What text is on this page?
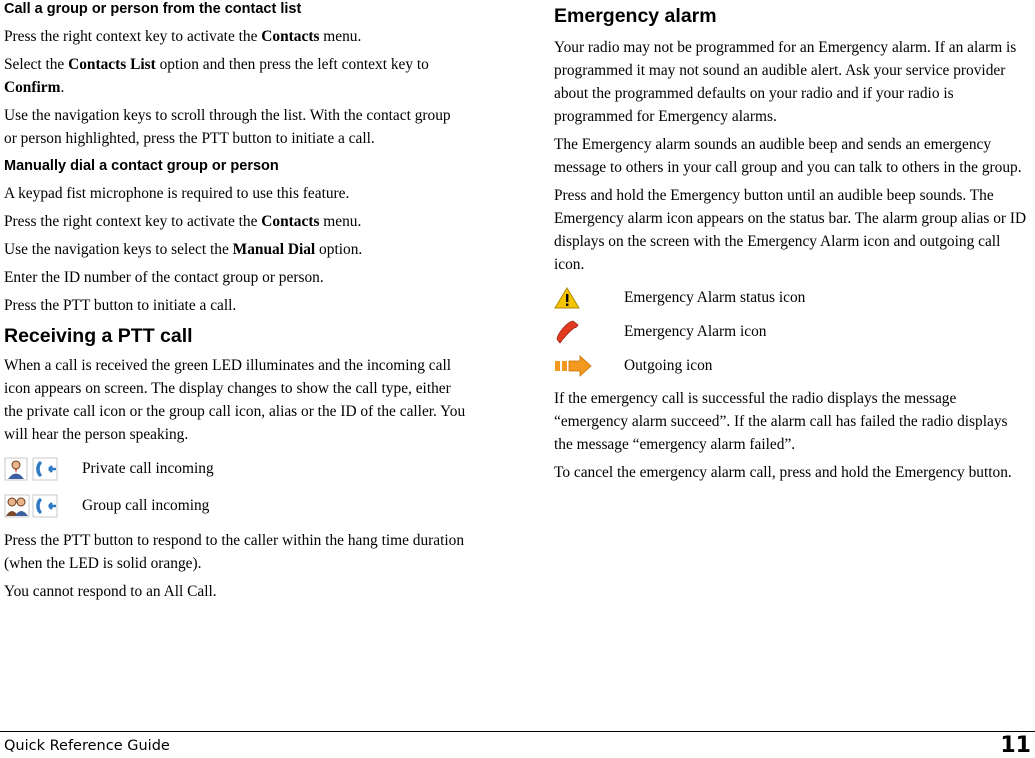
Call a group or person from the contact list

Press the right context key to activate the Contacts menu.

Select the Contacts List option and then press the left context key to Confirm.

Use the navigation keys to scroll through the list. With the contact group or person highlighted, press the PTT button to initiate a call.

Manually dial a contact group or person

A keypad fist microphone is required to use this feature.

Press the right context key to activate the Contacts menu.

Use the navigation keys to select the Manual Dial option.

Enter the ID number of the contact group or person.

Press the PTT button to initiate a call.

Receiving a PTT call

When a call is received the green LED illuminates and the incoming call icon appears on screen. The display changes to show the call type, either the private call icon or the group call icon, alias or the ID of the caller. You will hear the person speaking.

Private call incoming
Group call incoming

Press the PTT button to respond to the caller within the hang time duration (when the LED is solid orange).

You cannot respond to an All Call.

Emergency alarm

Your radio may not be programmed for an Emergency alarm. If an alarm is programmed it may not sound an audible alert. Ask your service provider about the programmed defaults on your radio and if your radio is programmed for Emergency alarms.

The Emergency alarm sounds an audible beep and sends an emergency message to others in your call group and you can talk to others in the group.

Press and hold the Emergency button until an audible beep sounds. The Emergency alarm icon appears on the status bar. The alarm group alias or ID displays on the screen with the Emergency Alarm icon and outgoing call icon.

Emergency Alarm status icon
Emergency Alarm icon
Outgoing icon

If the emergency call is successful the radio displays the message “emergency alarm succeed”. If the alarm call has failed the radio displays the message “emergency alarm failed”.

To cancel the emergency alarm call, press and hold the Emergency button.

Quick Reference Guide	11
